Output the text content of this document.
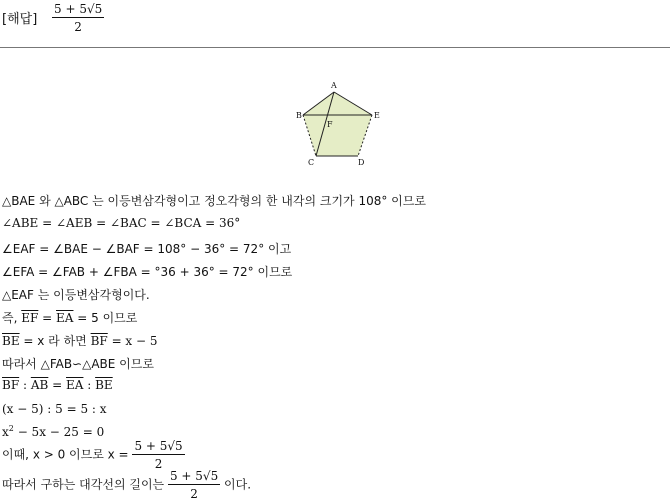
[해답] $\frac{5 + 5√5}{2}$
A
B
C	D
E
F
△BAE 와 △ABC 는 이등변삼각형이고 정오각형의 한 내각의 크기가 108° 이므로
∠ABE = ∠AEB = ∠BAC = ∠BCA = 36°
∠EAF = ∠BAE − ∠BAF = 108° − 36° = 72° 이고
∠EFA = ∠FAB + ∠FBA = °36 + 36° = 72° 이므로
△EAF 는 이등변삼각형이다.
즉, $\overline{EF} = \overline{EA} = 5$ 이므로
$\overline{BE} = x$ 라 하면 $\overline{BF} = x - 5$
따라서 △FAB∽△ABE 이므로
$\overline{BF}$ : $\overline{AB} = \overline{EA}$ : $\overline{BE}$
(x − 5) : 5 = 5 : x
$x^2 - 5x - 25 = 0$
이때, x > 0 이므로 $x = \frac{5 + 5√5}{2}$
따라서 구하는 대각선의 길이는 $\frac{5 + 5√5}{2}$ 이다.
